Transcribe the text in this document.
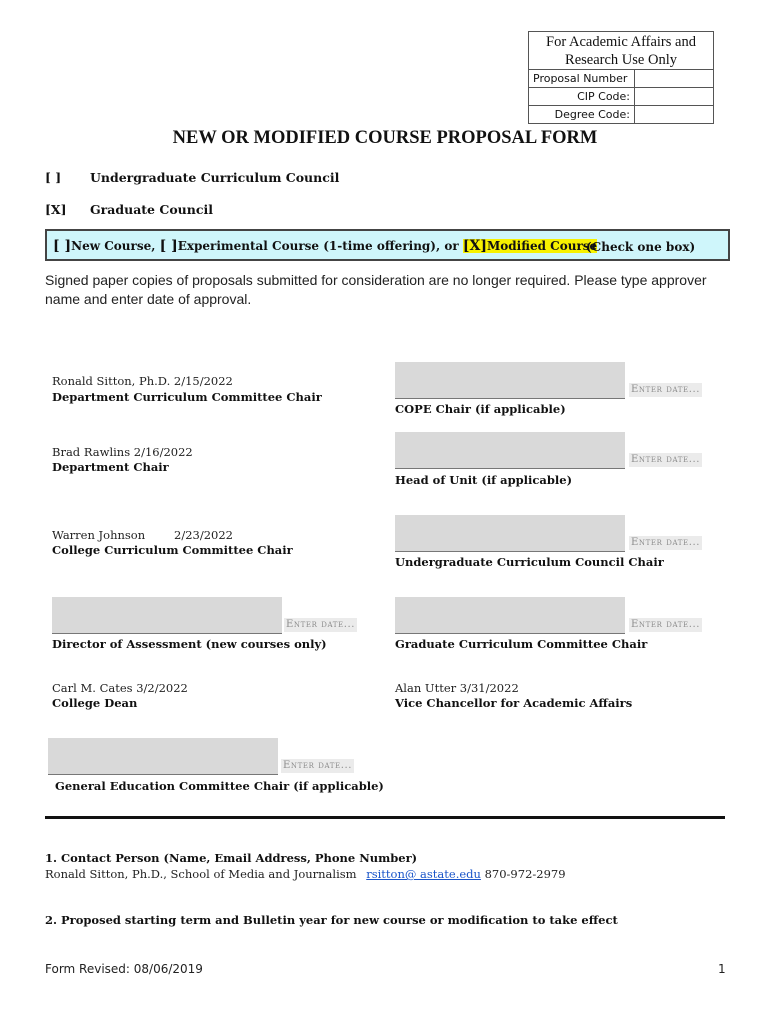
For Academic Affairs and Research Use Only
Proposal Number
CIP Code:
Degree Code:
NEW OR MODIFIED COURSE PROPOSAL FORM
[ ] Undergraduate Curriculum Council
[X] Graduate Council
[ ]New Course, [ ]Experimental Course (1-time offering), or [X]Modified Course
(Check one box)
Signed paper copies of proposals submitted for consideration are no longer required. Please type approver name and enter date of approval.
Ronald Sitton, Ph.D. 2/15/2022
Department Curriculum Committee Chair
Brad Rawlins 2/16/2022
Department Chair
Warren Johnson	2/23/2022
College Curriculum Committee Chair
Enter date...
Director of Assessment (new courses only)
Carl M. Cates 3/2/2022
College Dean
Enter date...
General Education Committee Chair (if applicable)
Enter date...
COPE Chair (if applicable)
Enter date...
Head of Unit (if applicable)
Enter date...
Undergraduate Curriculum Council Chair
Enter date...
Graduate Curriculum Committee Chair
Alan Utter 3/31/2022
Vice Chancellor for Academic Affairs
1. Contact Person (Name, Email Address, Phone Number)
Ronald Sitton, Ph.D., School of Media and Journalism rsitton@ astate.edu 870-972-2979
2. Proposed starting term and Bulletin year for new course or modification to take effect
Form Revised: 08/06/2019	1
